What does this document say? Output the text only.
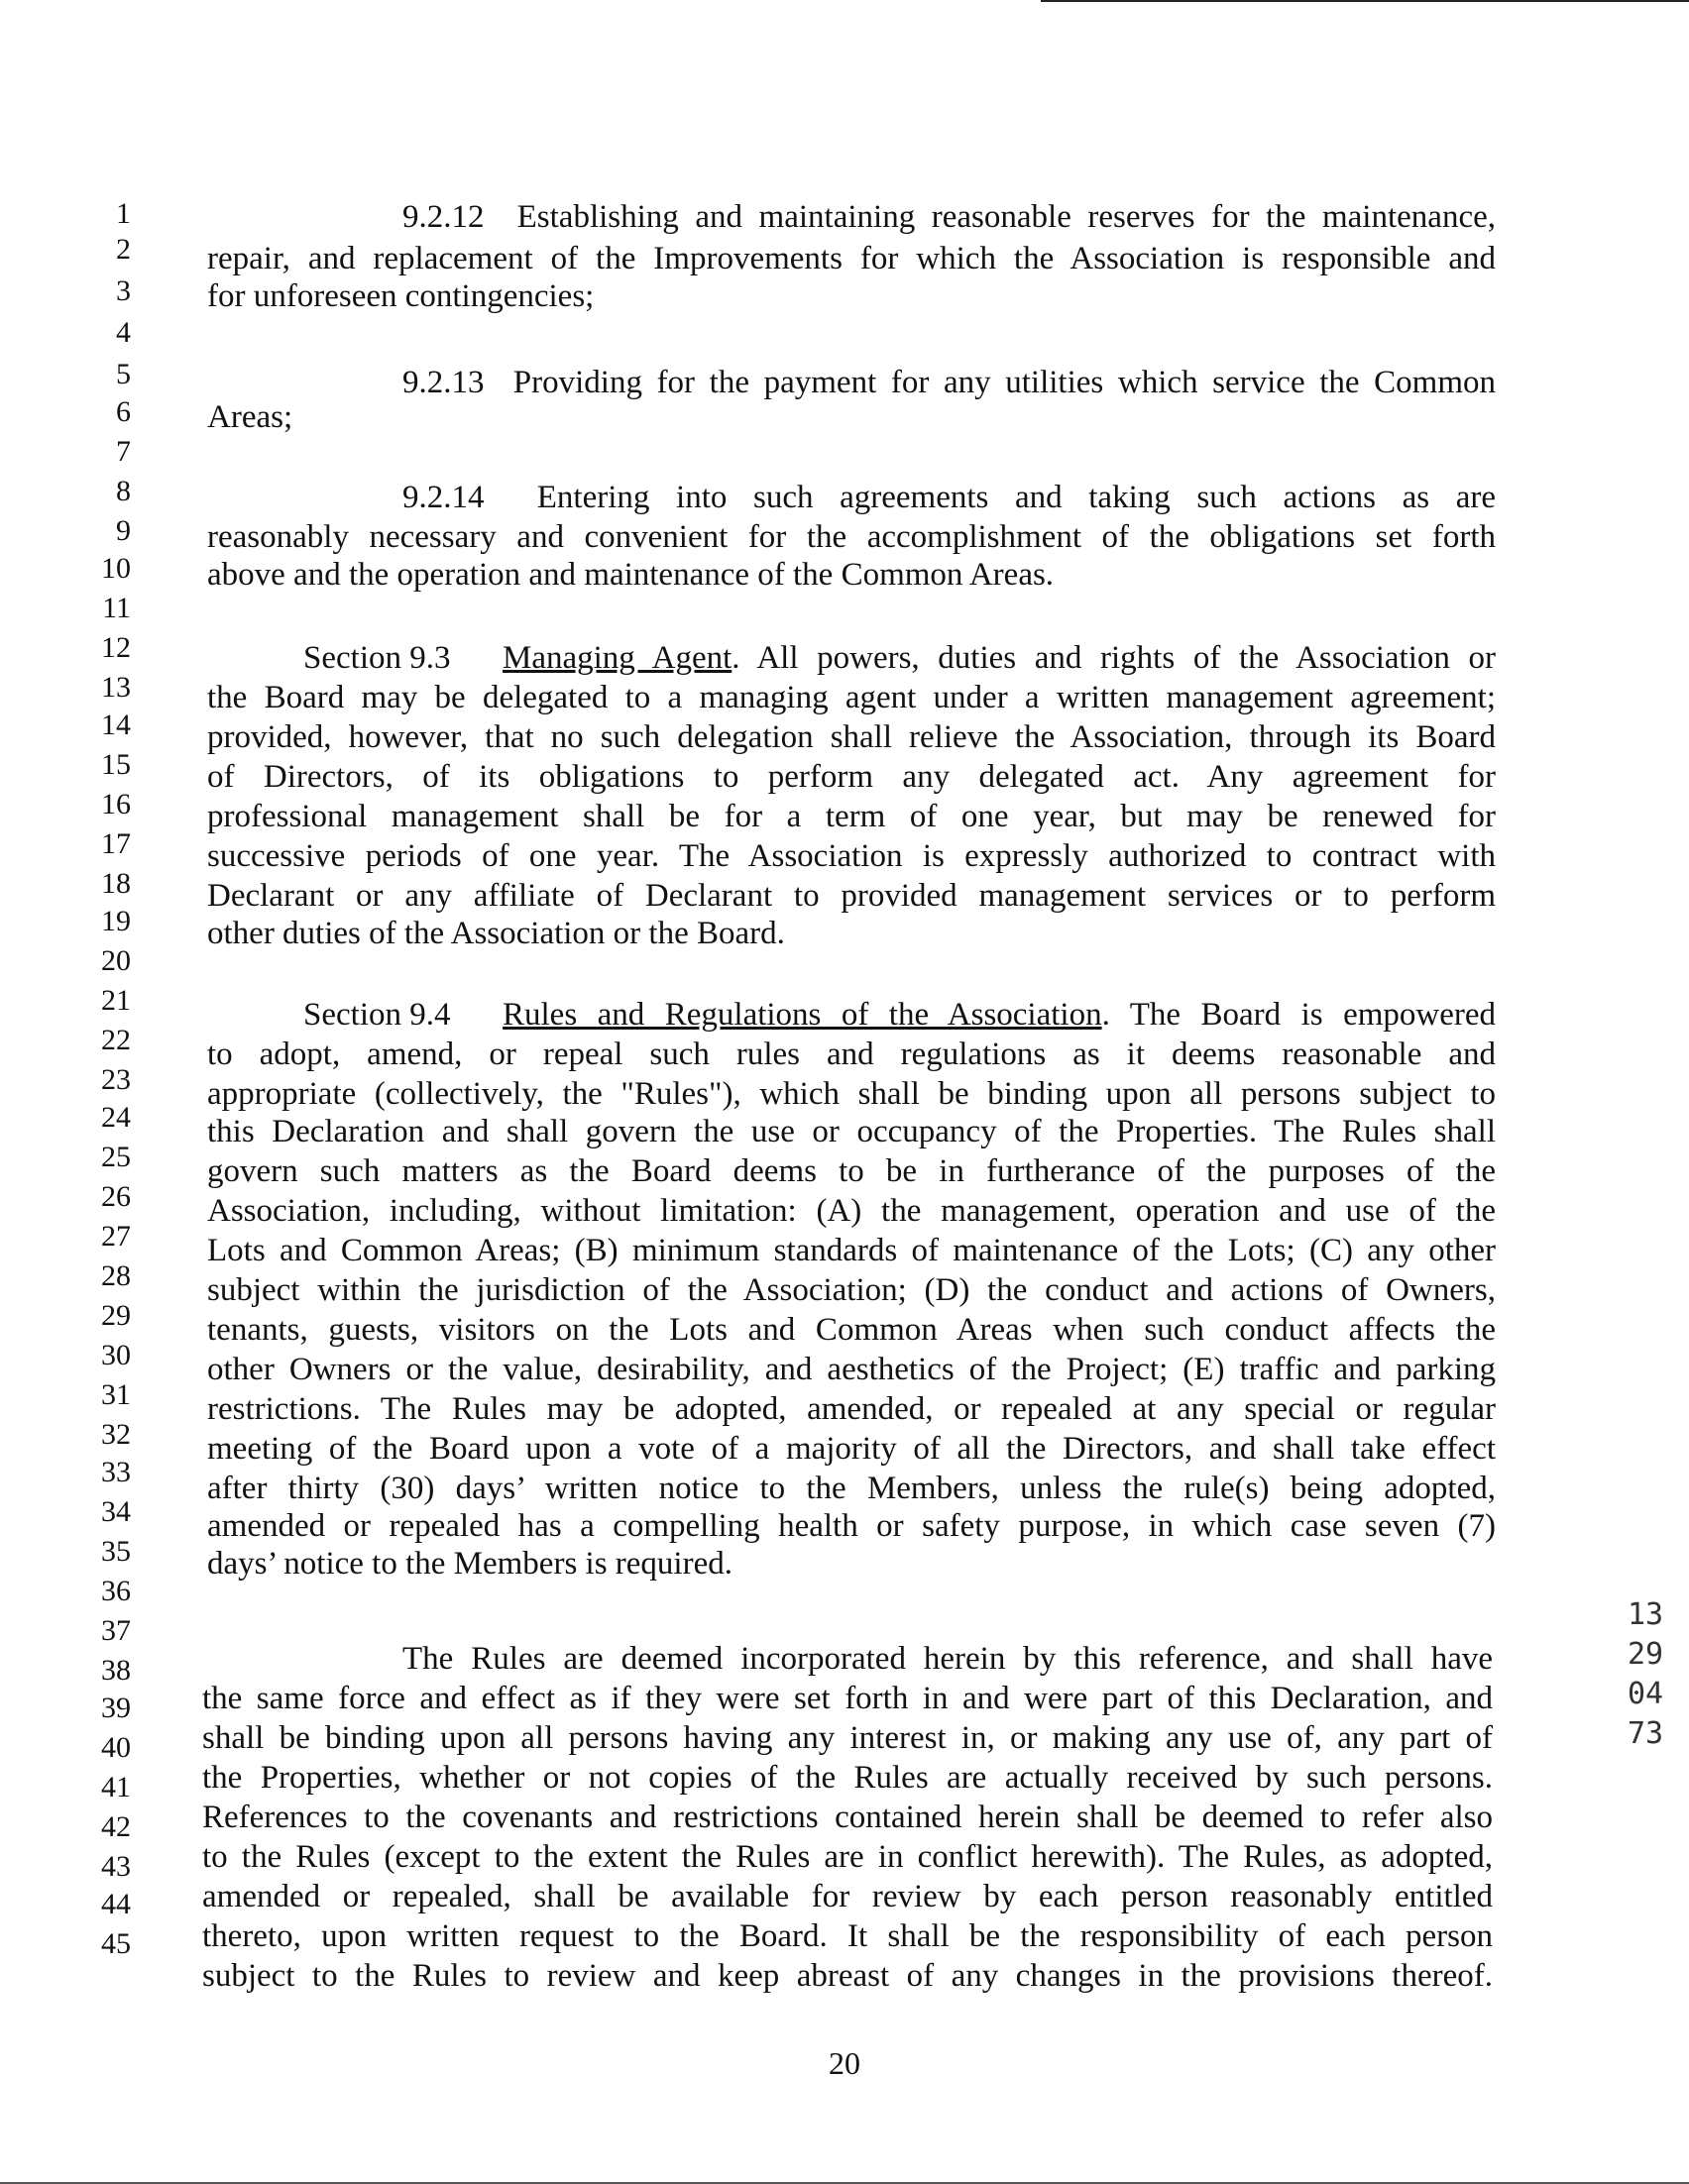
1
2
3
4
5
6
7
8
9
10
11
12
13
14
15
16
17
18
19
20
21
22
23
24
25
26
27
28
29
30
31
32
33
34
35
36
37
38
39
40
41
42
43
44
45
9.2.12 Establishing and maintaining reasonable reserves for the maintenance,
repair, and replacement of the Improvements for which the Association is responsible and
for unforeseen contingencies;
9.2.13 Providing for the payment for any utilities which service the Common
Areas;
9.2.14 Entering into such agreements and taking such actions as are
reasonably necessary and convenient for the accomplishment of the obligations set forth
above and the operation and maintenance of the Common Areas.
Section 9.3 Managing Agent. All powers, duties and rights of the Association or
the Board may be delegated to a managing agent under a written management agreement;
provided, however, that no such delegation shall relieve the Association, through its Board
of Directors, of its obligations to perform any delegated act. Any agreement for
professional management shall be for a term of one year, but may be renewed for
successive periods of one year. The Association is expressly authorized to contract with
Declarant or any affiliate of Declarant to provided management services or to perform
other duties of the Association or the Board.
Section 9.4 Rules and Regulations of the Association. The Board is empowered
to adopt, amend, or repeal such rules and regulations as it deems reasonable and
appropriate (collectively, the "Rules"), which shall be binding upon all persons subject to
this Declaration and shall govern the use or occupancy of the Properties. The Rules shall
govern such matters as the Board deems to be in furtherance of the purposes of the
Association, including, without limitation: (A) the management, operation and use of the
Lots and Common Areas; (B) minimum standards of maintenance of the Lots; (C) any other
subject within the jurisdiction of the Association; (D) the conduct and actions of Owners,
tenants, guests, visitors on the Lots and Common Areas when such conduct affects the
other Owners or the value, desirability, and aesthetics of the Project; (E) traffic and parking
restrictions. The Rules may be adopted, amended, or repealed at any special or regular
meeting of the Board upon a vote of a majority of all the Directors, and shall take effect
after thirty (30) days’ written notice to the Members, unless the rule(s) being adopted,
amended or repealed has a compelling health or safety purpose, in which case seven (7)
days’ notice to the Members is required.
The Rules are deemed incorporated herein by this reference, and shall have
the same force and effect as if they were set forth in and were part of this Declaration, and
shall be binding upon all persons having any interest in, or making any use of, any part of
the Properties, whether or not copies of the Rules are actually received by such persons.
References to the covenants and restrictions contained herein shall be deemed to refer also
to the Rules (except to the extent the Rules are in conflict herewith). The Rules, as adopted,
amended or repealed, shall be available for review by each person reasonably entitled
thereto, upon written request to the Board. It shall be the responsibility of each person
subject to the Rules to review and keep abreast of any changes in the provisions thereof.
20
1329 0473
